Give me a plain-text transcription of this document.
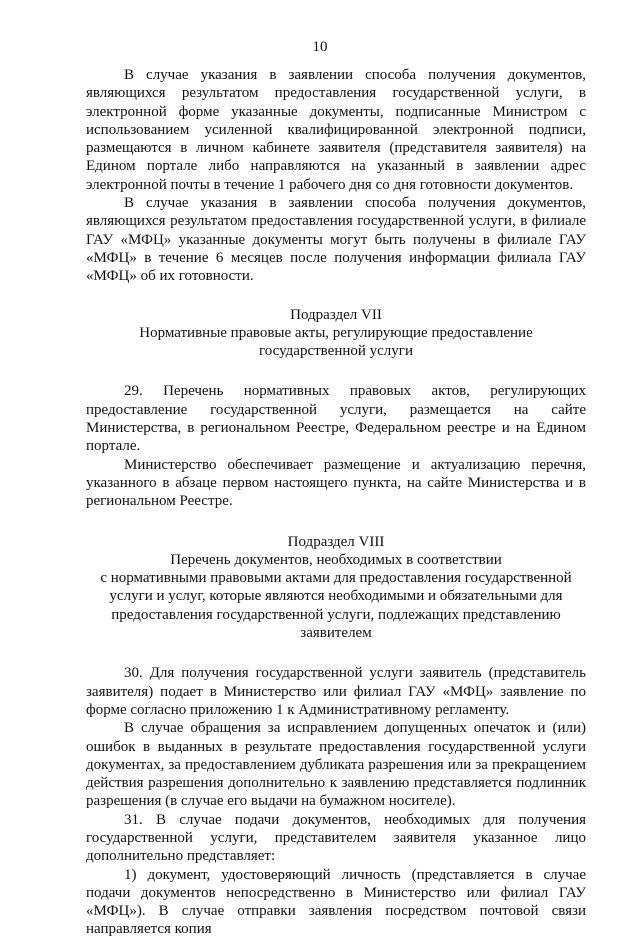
10

В случае указания в заявлении способа получения документов, являющихся результатом предоставления государственной услуги, в электронной форме указанные документы, подписанные Министром с использованием усиленной квалифицированной электронной подписи, размещаются в личном кабинете заявителя (представителя заявителя) на Едином портале либо направляются на указанный в заявлении адрес электронной почты в течение 1 рабочего дня со дня готовности документов.

В случае указания в заявлении способа получения документов, являющихся результатом предоставления государственной услуги, в филиале ГАУ «МФЦ» указанные документы могут быть получены в филиале ГАУ «МФЦ» в течение 6 месяцев после получения информации филиала ГАУ «МФЦ» об их готовности.

Подраздел VII
Нормативные правовые акты, регулирующие предоставление
государственной услуги

29. Перечень нормативных правовых актов, регулирующих предоставление государственной услуги, размещается на сайте Министерства, в региональном Реестре, Федеральном реестре и на Едином портале.

Министерство обеспечивает размещение и актуализацию перечня, указанного в абзаце первом настоящего пункта, на сайте Министерства и в региональном Реестре.

Подраздел VIII
Перечень документов, необходимых в соответствии
с нормативными правовыми актами для предоставления государственной
услуги и услуг, которые являются необходимыми и обязательными для
предоставления государственной услуги, подлежащих представлению
заявителем

30. Для получения государственной услуги заявитель (представитель заявителя) подает в Министерство или филиал ГАУ «МФЦ» заявление по форме согласно приложению 1 к Административному регламенту.

В случае обращения за исправлением допущенных опечаток и (или) ошибок в выданных в результате предоставления государственной услуги документах, за предоставлением дубликата разрешения или за прекращением действия разрешения дополнительно к заявлению представляется подлинник разрешения (в случае его выдачи на бумажном носителе).

31. В случае подачи документов, необходимых для получения государственной услуги, представителем заявителя указанное лицо дополнительно представляет:

1) документ, удостоверяющий личность (представляется в случае подачи документов непосредственно в Министерство или филиал ГАУ «МФЦ»). В случае отправки заявления посредством почтовой связи направляется копия
